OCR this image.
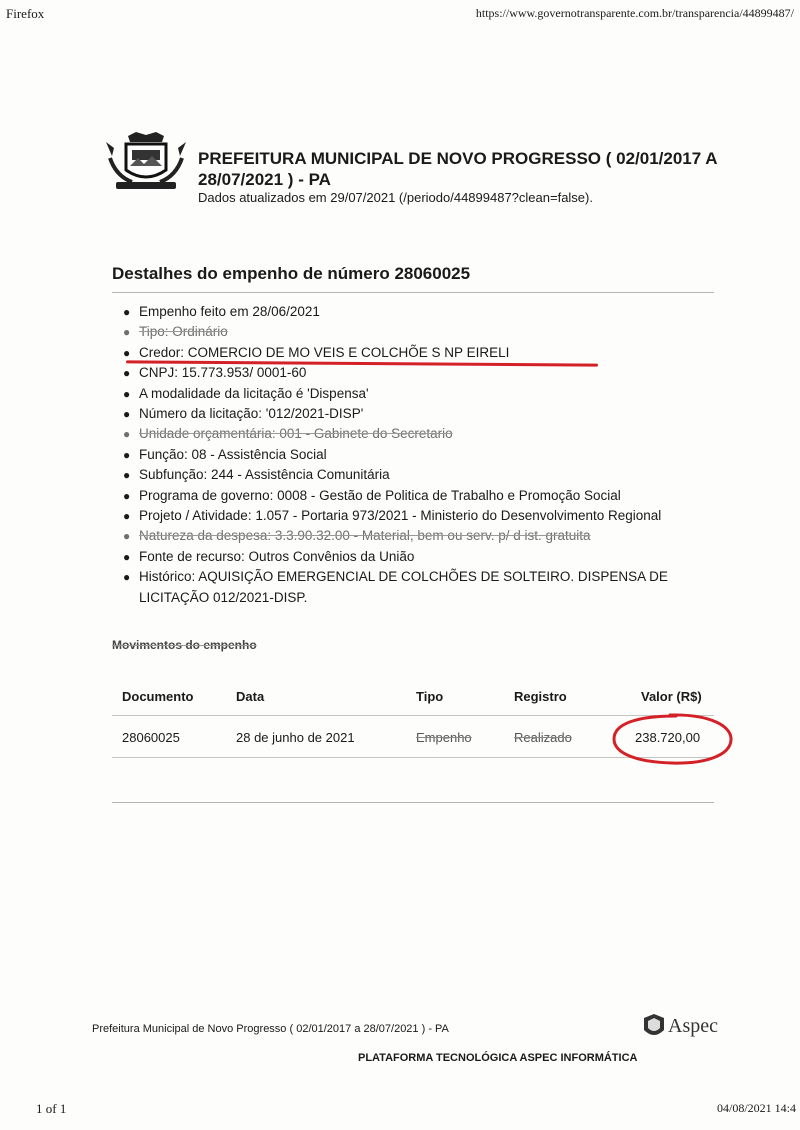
Firefox	https://www.governotransparente.com.br/transparencia/44899487/
PREFEITURA MUNICIPAL DE NOVO PROGRESSO ( 02/01/2017 A 28/07/2021 ) - PA
Dados atualizados em 29/07/2021 (/periodo/44899487?clean=false).
Destalhes do empenho de número 28060025
● Empenho feito em 28/06/2021
● Tipo: Ordinário
● Credor: COMERCIO DE MO VEIS E COLCHÕE S NP EIRELI
● CNPJ: 15.773.953/ 0001-60
● A modalidade da licitação é 'Dispensa'
● Número da licitação: '012/2021-DISP'
● Unidade orçamentária: 001 - Gabinete do Secretario
● Função: 08 - Assistência Social
● Subfunção: 244 - Assistência Comunitária
● Programa de governo: 0008 - Gestão de Politica de Trabalho e Promoção Social
● Projeto / Atividade: 1.057 - Portaria 973/2021 - Ministerio do Desenvolvimento Regional
● Natureza da despesa: 3.3.90.32.00 - Material, bem ou serv. p/ d ist. gratuita
● Fonte de recurso: Outros Convênios da União
● Histórico: AQUISIÇÃO EMERGENCIAL DE COLCHÕES DE SOLTEIRO. DISPENSA DE
LICITAÇÃO 012/2021-DISP.
Movimentos do empenho
Documento	Data	Tipo	Registro	Valor (R$)
28060025	28 de junho de 2021	Empenho	Realizado	238.720,00
Prefeitura Municipal de Novo Progresso ( 02/01/2017 a 28/07/2021 ) - PA	Aspec
PLATAFORMA TECNOLÓGICA ASPEC INFORMÁTICA
1 of 1	04/08/2021 14:4
